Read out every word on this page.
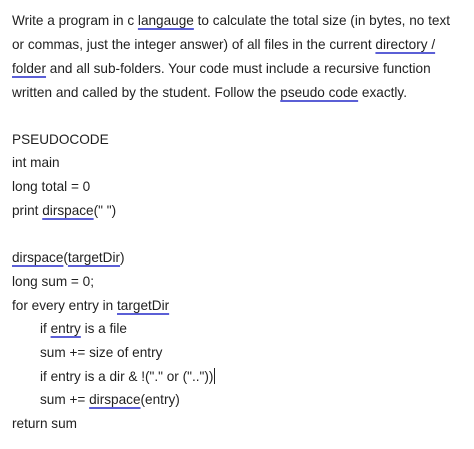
Write a program in c langauge to calculate the total size (in bytes, no text
or commas, just the integer answer) of all files in the current directory /
folder and all sub-folders. Your code must include a recursive function
written and called by the student. Follow the pseudo code exactly.
PSEUDOCODE
int main
long total = 0
print dirspace(" ")
dirspace(targetDir)
long sum = 0;
for every entry in targetDir
if entry is a file
sum += size of entry
if entry is a dir & !("." or (".."))
sum += dirspace(entry)
return sum
